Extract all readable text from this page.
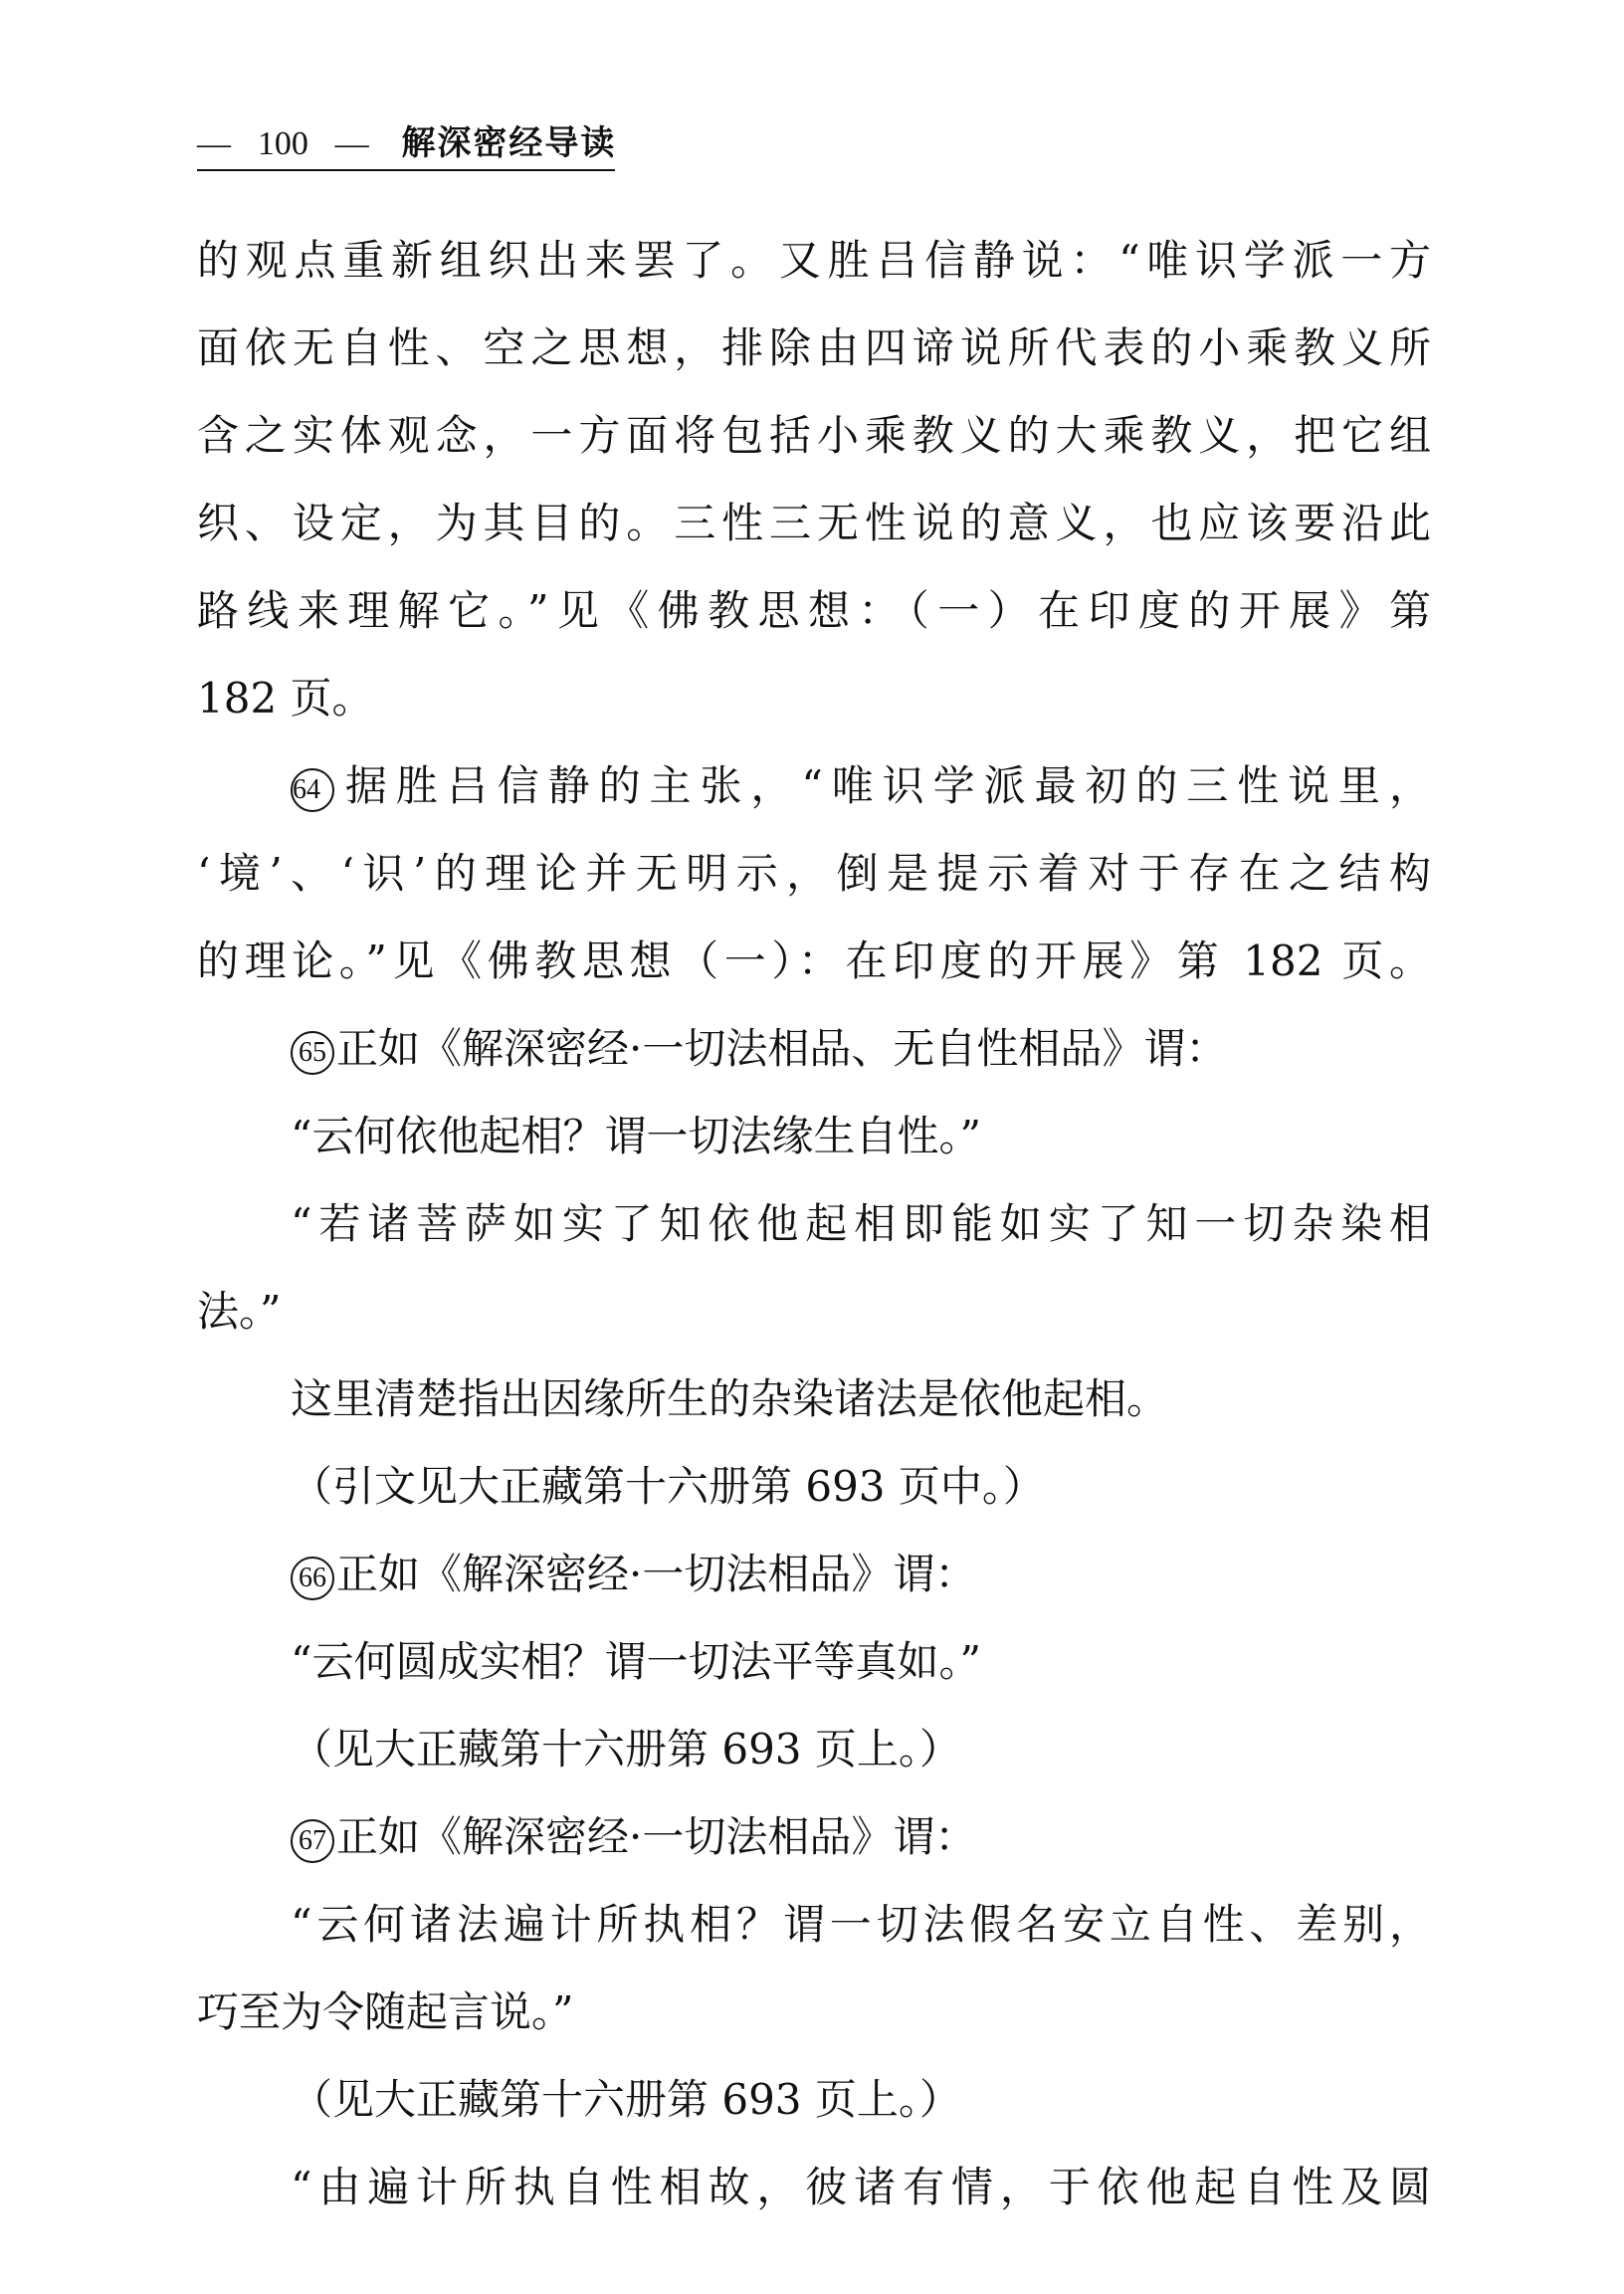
— 100 — 解深密经导读
的观点重新组织出来罢了。又胜吕信静说：“唯识学派一方
面依无自性、空之思想，排除由四谛说所代表的小乘教义所
含之实体观念，一方面将包括小乘教义的大乘教义，把它组
织、设定，为其目的。三性三无性说的意义，也应该要沿此
路线来理解它。”见《佛教思想：（一）在印度的开展》第
182 页。
64 据胜吕信静的主张，“唯识学派最初的三性说里，
‘境’、‘识’的理论并无明示，倒是提示着对于存在之结构
的理论。”见《佛教思想（一）：在印度的开展》第 182 页。
65 正如《解深密经·一切法相品、无自性相品》谓：
“云何依他起相？谓一切法缘生自性。”
“若诸菩萨如实了知依他起相即能如实了知一切杂染相
法。”
这里清楚指出因缘所生的杂染诸法是依他起相。
（引文见大正藏第十六册第 693 页中。）
66 正如《解深密经·一切法相品》谓：
“云何圆成实相？谓一切法平等真如。”
（见大正藏第十六册第 693 页上。）
67 正如《解深密经·一切法相品》谓：
“云何诸法遍计所执相？谓一切法假名安立自性、差别，
巧至为令随起言说。”
（见大正藏第十六册第 693 页上。）
“由遍计所执自性相故，彼诸有情，于依他起自性及圆
